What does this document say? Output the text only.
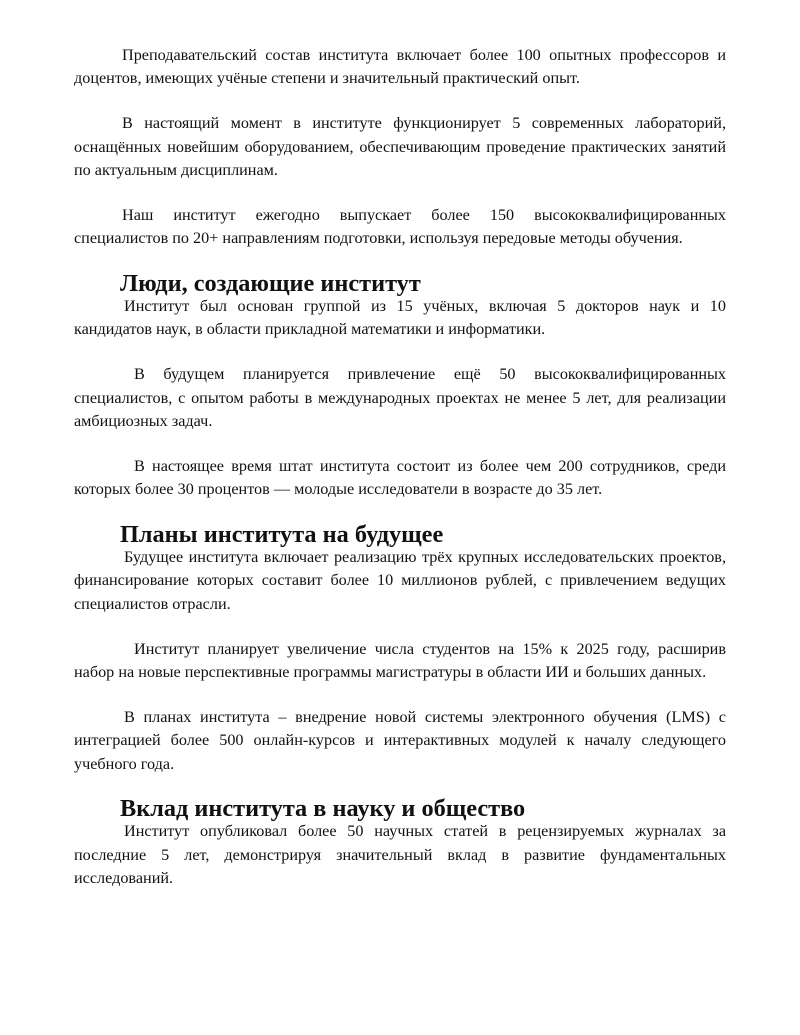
Преподавательский состав института включает более 100 опытных профессоров и доцентов, имеющих учёные степени и значительный практический опыт.

В настоящий момент в институте функционирует 5 современных лабораторий, оснащённых новейшим оборудованием, обеспечивающим проведение практических занятий по актуальным дисциплинам.

Наш институт ежегодно выпускает более 150 высококвалифицированных специалистов по 20+ направлениям подготовки, используя передовые методы обучения.

Люди, создающие институт

Институт был основан группой из 15 учёных, включая 5 докторов наук и 10 кандидатов наук, в области прикладной математики и информатики.

В будущем планируется привлечение ещё 50 высококвалифицированных специалистов, с опытом работы в международных проектах не менее 5 лет, для реализации амбициозных задач.

В настоящее время штат института состоит из более чем 200 сотрудников, среди которых более 30 процентов — молодые исследователи в возрасте до 35 лет.

Планы института на будущее

Будущее института включает реализацию трёх крупных исследовательских проектов, финансирование которых составит более 10 миллионов рублей, с привлечением ведущих специалистов отрасли.

Институт планирует увеличение числа студентов на 15% к 2025 году, расширив набор на новые перспективные программы магистратуры в области ИИ и больших данных.

В планах института – внедрение новой системы электронного обучения (LMS) с интеграцией более 500 онлайн-курсов и интерактивных модулей к началу следующего учебного года.

Вклад института в науку и общество

Институт опубликовал более 50 научных статей в рецензируемых журналах за последние 5 лет, демонстрируя значительный вклад в развитие фундаментальных исследований.
